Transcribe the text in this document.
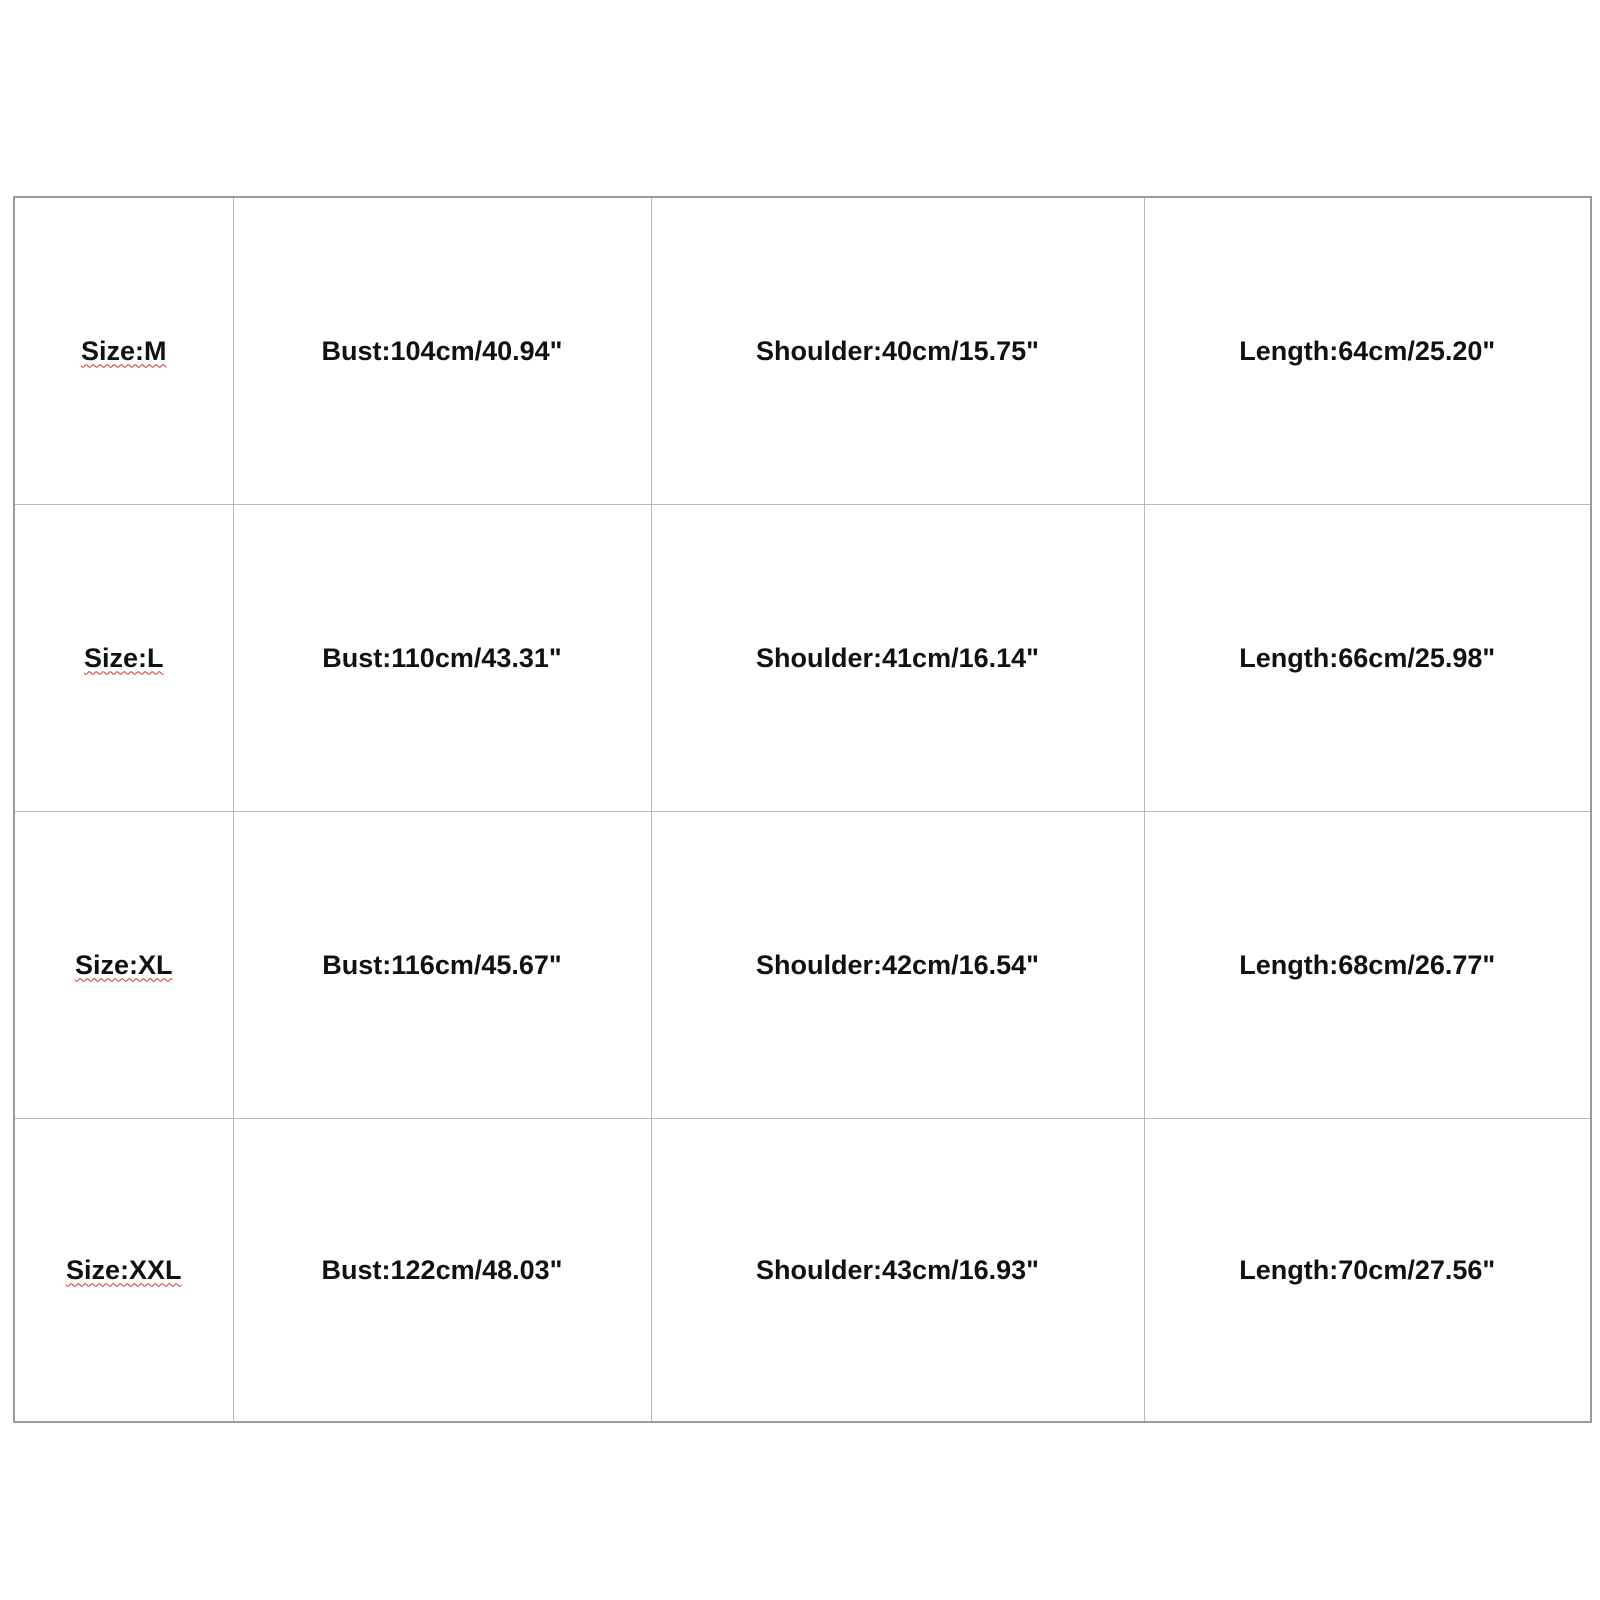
Size:M	Bust:104cm/40.94"	Shoulder:40cm/15.75"	Length:64cm/25.20"
Size:L	Bust:110cm/43.31"	Shoulder:41cm/16.14"	Length:66cm/25.98"
Size:XL	Bust:116cm/45.67"	Shoulder:42cm/16.54"	Length:68cm/26.77"
Size:XXL	Bust:122cm/48.03"	Shoulder:43cm/16.93"	Length:70cm/27.56"
